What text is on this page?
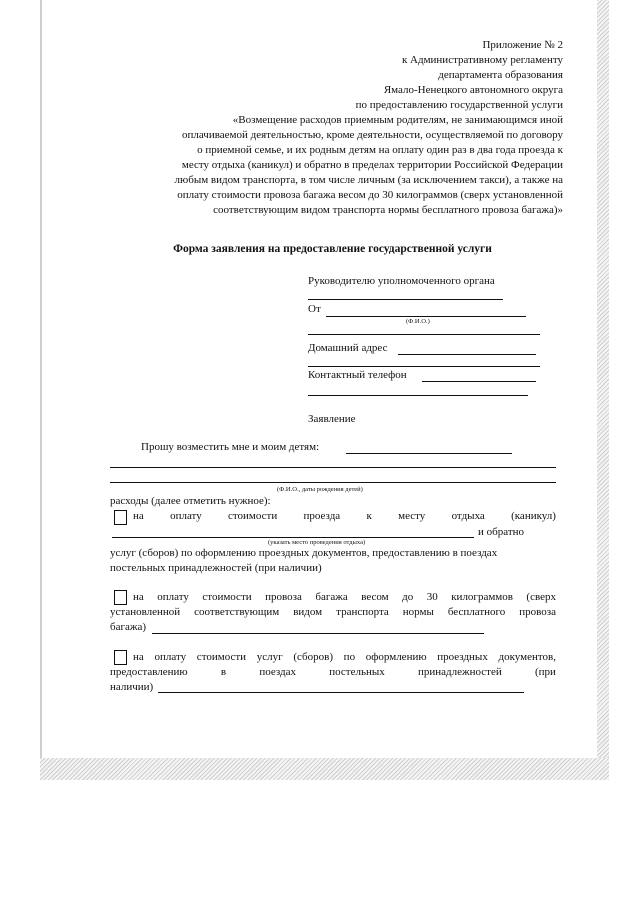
Приложение № 2
к Административному регламенту
департамента образования
Ямало-Ненецкого автономного округа
по предоставлению государственной услуги
«Возмещение расходов приемным родителям, не занимающимся иной
оплачиваемой деятельностью, кроме деятельности, осуществляемой по договору
о приемной семье, и их родным детям на оплату один раз в два года проезда к
месту отдыха (каникул) и обратно в пределах территории Российской Федерации
любым видом транспорта, в том числе личным (за исключением такси), а также на
оплату стоимости провоза багажа весом до 30 килограммов (сверх установленной
соответствующим видом транспорта нормы бесплатного провоза багажа)»
Форма заявления на предоставление государственной услуги
Руководителю уполномоченного органа
От
(Ф.И.О.)
Домашний адрес
Контактный телефон
Заявление
Прошу возместить мне и моим детям:
(Ф.И.О., даты рождения детей)
расходы (далее отметить нужное):
на оплату стоимости проезда к месту отдыха (каникул)
и обратно
(указать место проведения отдыха)
услуг (сборов) по оформлению проездных документов, предоставлению в поездах
постельных принадлежностей (при наличии)
на оплату стоимости провоза багажа весом до 30 килограммов (сверх
установленной соответствующим видом транспорта нормы бесплатного провоза
багажа)
на оплату стоимости услуг (сборов) по оформлению проездных документов,
предоставлению	в	поездах	постельных	принадлежностей	(при
наличии)
